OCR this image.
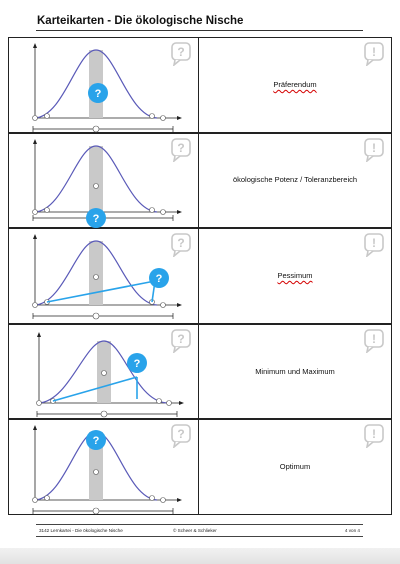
Karteikarten - Die ökologische Nische
?
?
Präferendum
!
?
?
ökologische Potenz / Toleranzbereich
!
?
?
Pessimum
!
?
?
Minimum und Maximum
!
?	?
Optimum
!
3142 Lernkartei - Die ökologische Nische	© Scheer & Schlieker	4 von 4
